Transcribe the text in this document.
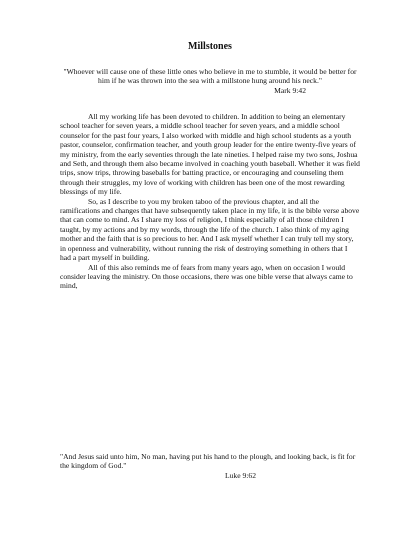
Millstones
"Whoever will cause one of these little ones who believe in me to stumble, it would be better for him if he was thrown into the sea with a millstone hung around his neck."
Mark 9:42

All my working life has been devoted to children. In addition to being an elementary school teacher for seven years, a middle school teacher for seven years, and a middle school counselor for the past four years, I also worked with middle and high school students as a youth pastor, counselor, confirmation teacher, and youth group leader for the entire twenty-five years of my ministry, from the early seventies through the late nineties. I helped raise my two sons, Joshua and Seth, and through them also became involved in coaching youth baseball. Whether it was field trips, snow trips, throwing baseballs for batting practice, or encouraging and counseling them through their struggles, my love of working with children has been one of the most rewarding blessings of my life.

So, as I describe to you my broken taboo of the previous chapter, and all the ramifications and changes that have subsequently taken place in my life, it is the bible verse above that can come to mind. As I share my loss of religion, I think especially of all those children I taught, by my actions and by my words, through the life of the church. I also think of my aging mother and the faith that is so precious to her. And I ask myself whether I can truly tell my story, in openness and vulnerability, without running the risk of destroying something in others that I had a part myself in building.

All of this also reminds me of fears from many years ago, when on occasion I would consider leaving the ministry. On those occasions, there was one bible verse that always came to mind,

"And Jesus said unto him, No man, having put his hand to the plough, and looking back, is fit for the kingdom of God."
Luke 9:62
